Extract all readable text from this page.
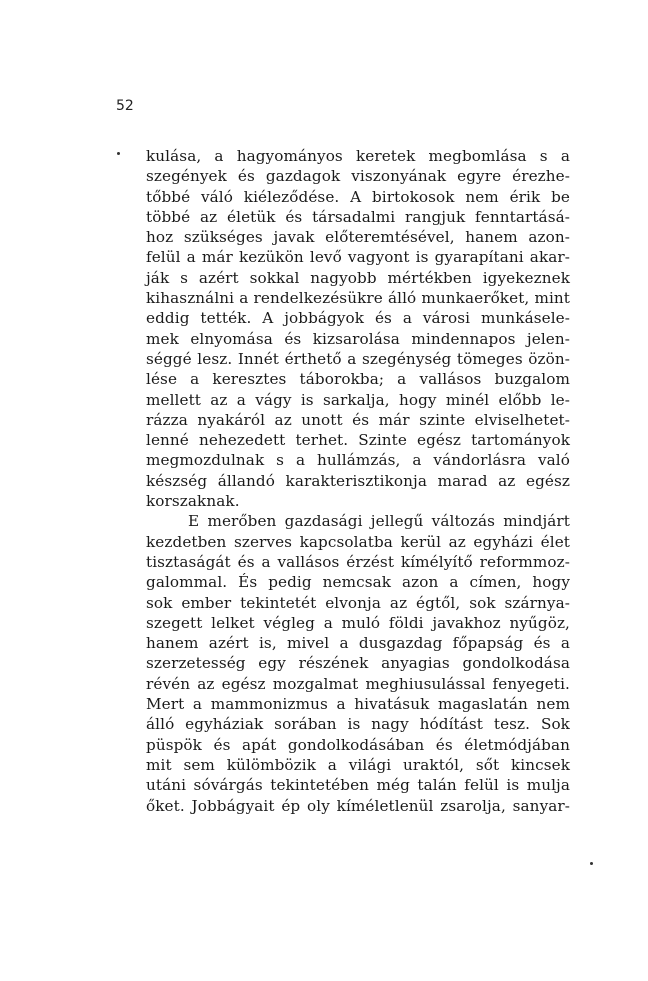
52
kulása, a hagyományos keretek megbomlása s a
szegények és gazdagok viszonyának egyre érezhe-
tőbbé váló kiéleződése. A birtokosok nem érik be
többé az életük és társadalmi rangjuk fenntartásá-
hoz szükséges javak előteremtésével, hanem azon-
felül a már kezükön levő vagyont is gyarapítani akar-
ják s azért sokkal nagyobb mértékben igyekeznek
kihasználni a rendelkezésükre álló munkaerőket, mint
eddig tették. A jobbágyok és a városi munkásele-
mek elnyomása és kizsarolása mindennapos jelen-
séggé lesz. Innét érthető a szegénység tömeges özön-
lése a keresztes táborokba; a vallásos buzgalom
mellett az a vágy is sarkalja, hogy minél előbb le-
rázza nyakáról az unott és már szinte elviselhetet-
lenné nehezedett terhet. Szinte egész tartományok
megmozdulnak s a hullámzás, a vándorlásra való
készség állandó karakterisztikonja marad az egész
korszaknak.
E merőben gazdasági jellegű változás mindjárt
kezdetben szerves kapcsolatba kerül az egyházi élet
tisztaságát és a vallásos érzést kímélyítő reformmoz-
galommal. És pedig nemcsak azon a címen, hogy
sok ember tekintetét elvonja az égtől, sok szárnya-
szegett lelket végleg a muló földi javakhoz nyűgöz,
hanem azért is, mivel a dusgazdag főpapság és a
szerzetesség egy részének anyagias gondolkodása
révén az egész mozgalmat meghiusulással fenyegeti.
Mert a mammonizmus a hivatásuk magaslatán nem
álló egyháziak sorában is nagy hódítást tesz. Sok
püspök és apát gondolkodásában és életmódjában
mit sem külömbözik a világi uraktól, sőt kincsek
utáni sóvárgás tekintetében még talán felül is mulja
őket. Jobbágyait ép oly kíméletlenül zsarolja, sanyar-
